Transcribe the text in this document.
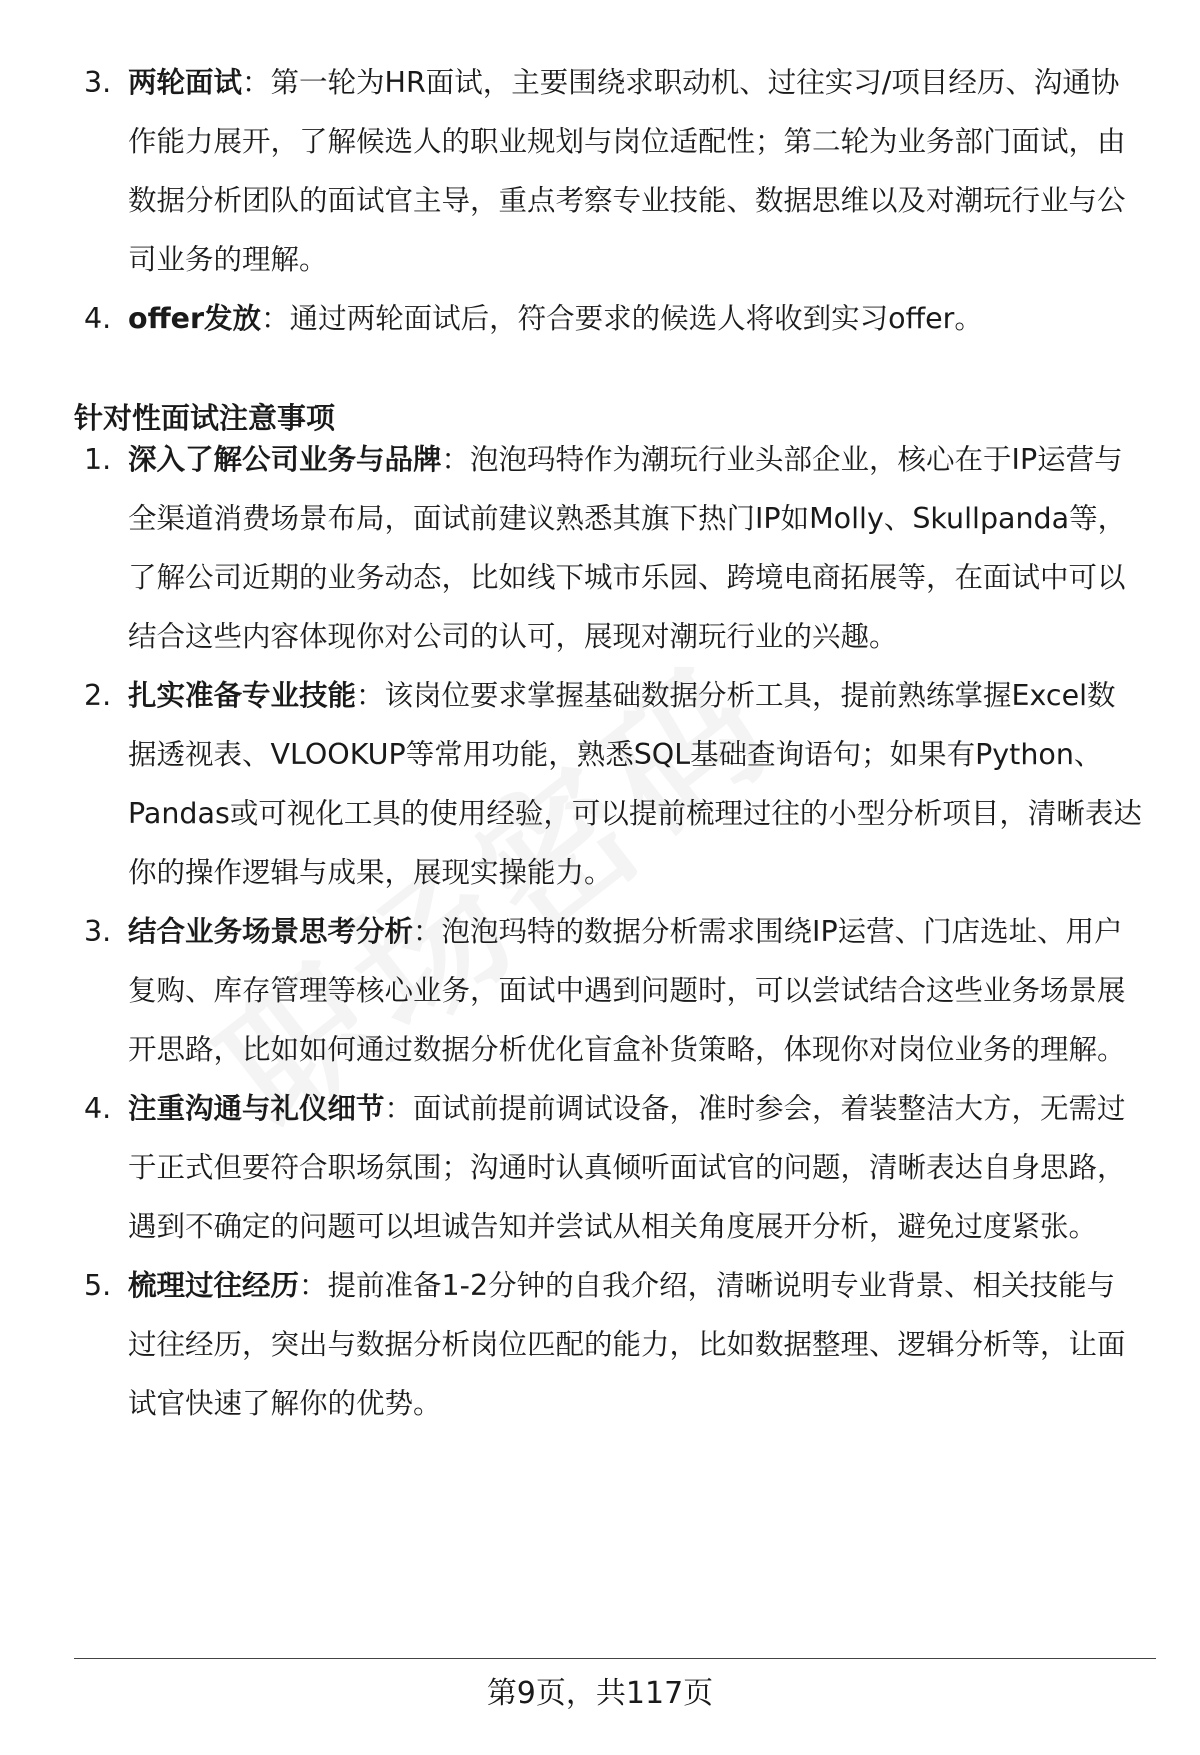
3. 两轮面试：第一轮为HR面试，主要围绕求职动机、过往实习/项目经历、沟通协作能力展开，了解候选人的职业规划与岗位适配性；第二轮为业务部门面试，由数据分析团队的面试官主导，重点考察专业技能、数据思维以及对潮玩行业与公司业务的理解。
4. offer发放：通过两轮面试后，符合要求的候选人将收到实习offer。
针对性面试注意事项
1. 深入了解公司业务与品牌：泡泡玛特作为潮玩行业头部企业，核心在于IP运营与全渠道消费场景布局，面试前建议熟悉其旗下热门IP如Molly、Skullpanda等，了解公司近期的业务动态，比如线下城市乐园、跨境电商拓展等，在面试中可以结合这些内容体现你对公司的认可，展现对潮玩行业的兴趣。
2. 扎实准备专业技能：该岗位要求掌握基础数据分析工具，提前熟练掌握Excel数据透视表、VLOOKUP等常用功能，熟悉SQL基础查询语句；如果有Python、Pandas或可视化工具的使用经验，可以提前梳理过往的小型分析项目，清晰表达你的操作逻辑与成果，展现实操能力。
3. 结合业务场景思考分析：泡泡玛特的数据分析需求围绕IP运营、门店选址、用户复购、库存管理等核心业务，面试中遇到问题时，可以尝试结合这些业务场景展开思路，比如如何通过数据分析优化盲盒补货策略，体现你对岗位业务的理解。
4. 注重沟通与礼仪细节：面试前提前调试设备，准时参会，着装整洁大方，无需过于正式但要符合职场氛围；沟通时认真倾听面试官的问题，清晰表达自身思路，遇到不确定的问题可以坦诚告知并尝试从相关角度展开分析，避免过度紧张。
5. 梳理过往经历：提前准备1-2分钟的自我介绍，清晰说明专业背景、相关技能与过往经历，突出与数据分析岗位匹配的能力，比如数据整理、逻辑分析等，让面试官快速了解你的优势。
第9页，共117页
